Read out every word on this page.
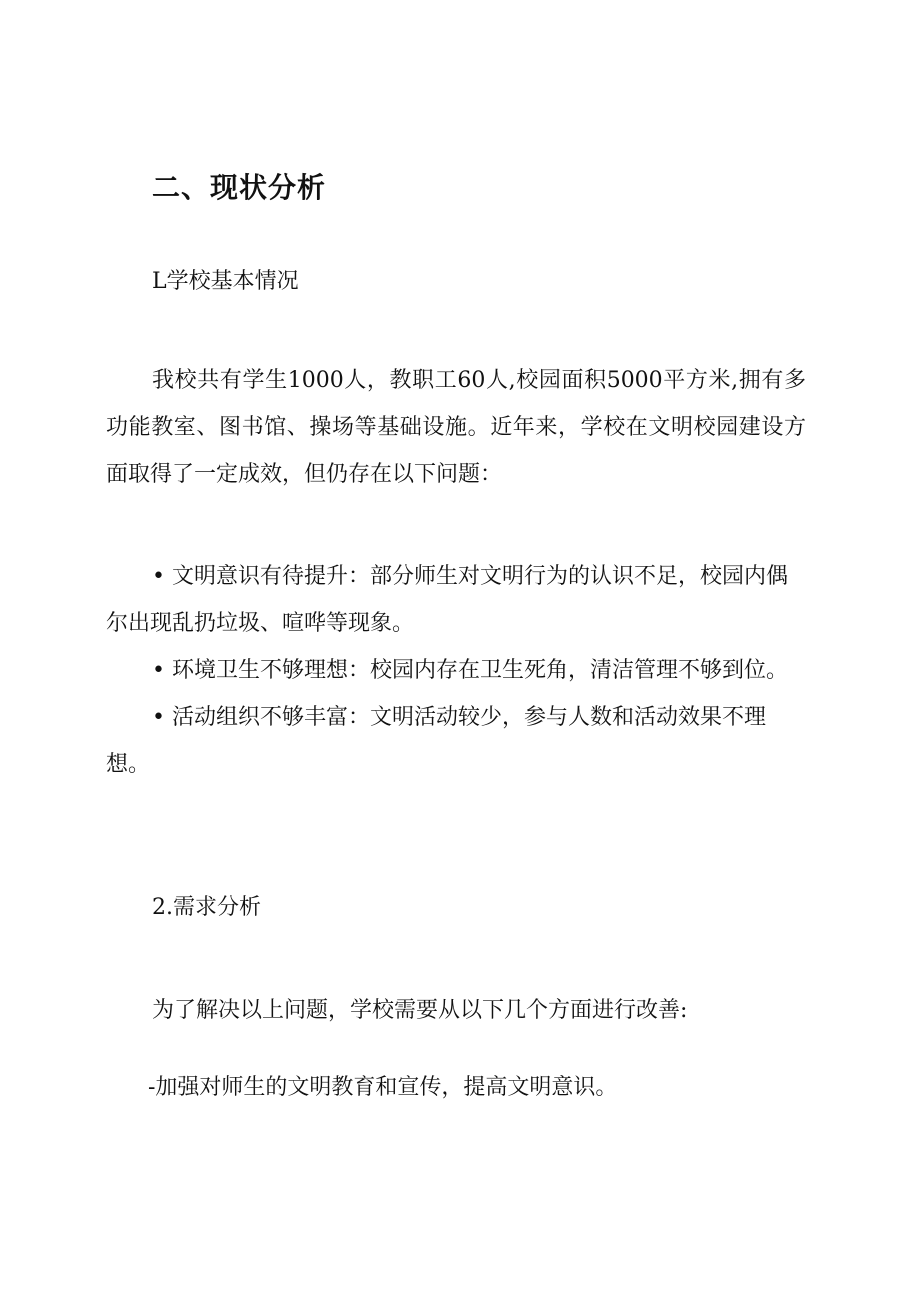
二、现状分析

L学校基本情况

我校共有学生1000人，教职工60人,校园面积5000平方米,拥有多功能教室、图书馆、操场等基础设施。近年来，学校在文明校园建设方面取得了一定成效，但仍存在以下问题：

• 文明意识有待提升：部分师生对文明行为的认识不足，校园内偶尔出现乱扔垃圾、喧哗等现象。
• 环境卫生不够理想：校园内存在卫生死角，清洁管理不够到位。
• 活动组织不够丰富：文明活动较少，参与人数和活动效果不理想。

2.需求分析

为了解决以上问题，学校需要从以下几个方面进行改善:

-加强对师生的文明教育和宣传，提高文明意识。
